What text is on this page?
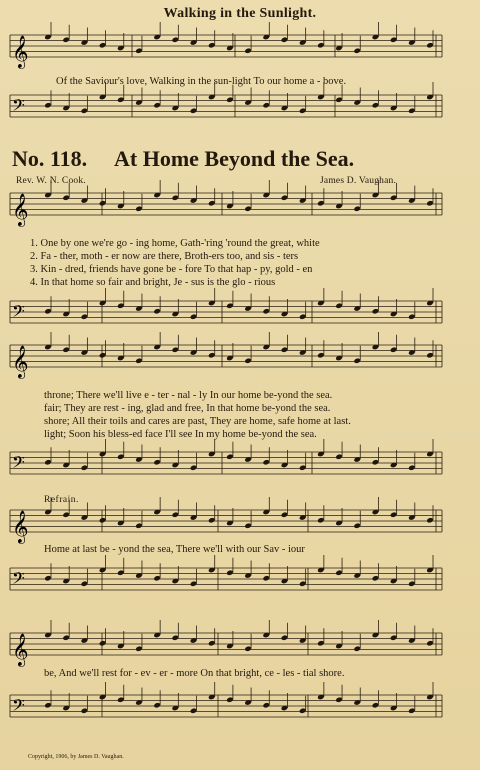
Walking in the Sunlight.
𝄞
𝄢
𝄞
𝄢
𝄞
𝄢
𝄞
𝄢
𝄞
𝄢
Of the Saviour's love, Walking in the sun-light To our home a - bove.
No. 118. At Home Beyond the Sea.
Rev. W. N. Cook.	James D. Vaughan.
1. One by one we're go - ing home, Gath-'ring 'round the great, white
2. Fa - ther, moth - er now are there, Broth-ers too, and sis - ters
3. Kin - dred, friends have gone be - fore To that hap - py, gold - en
4. In that home so fair and bright, Je - sus is the glo - rious
throne; There we'll live e - ter - nal - ly In our home be-yond the sea.
fair; They are rest - ing, glad and free, In that home be-yond the sea.
shore; All their toils and cares are past, They are home, safe home at last.
light; Soon his bless-ed face I'll see In my home be-yond the sea.
Refrain.
Home at last be - yond the sea, There we'll with our Sav - iour
be, And we'll rest for - ev - er - more On that bright, ce - les - tial shore.
Copyright, 1906, by James D. Vaughan.
